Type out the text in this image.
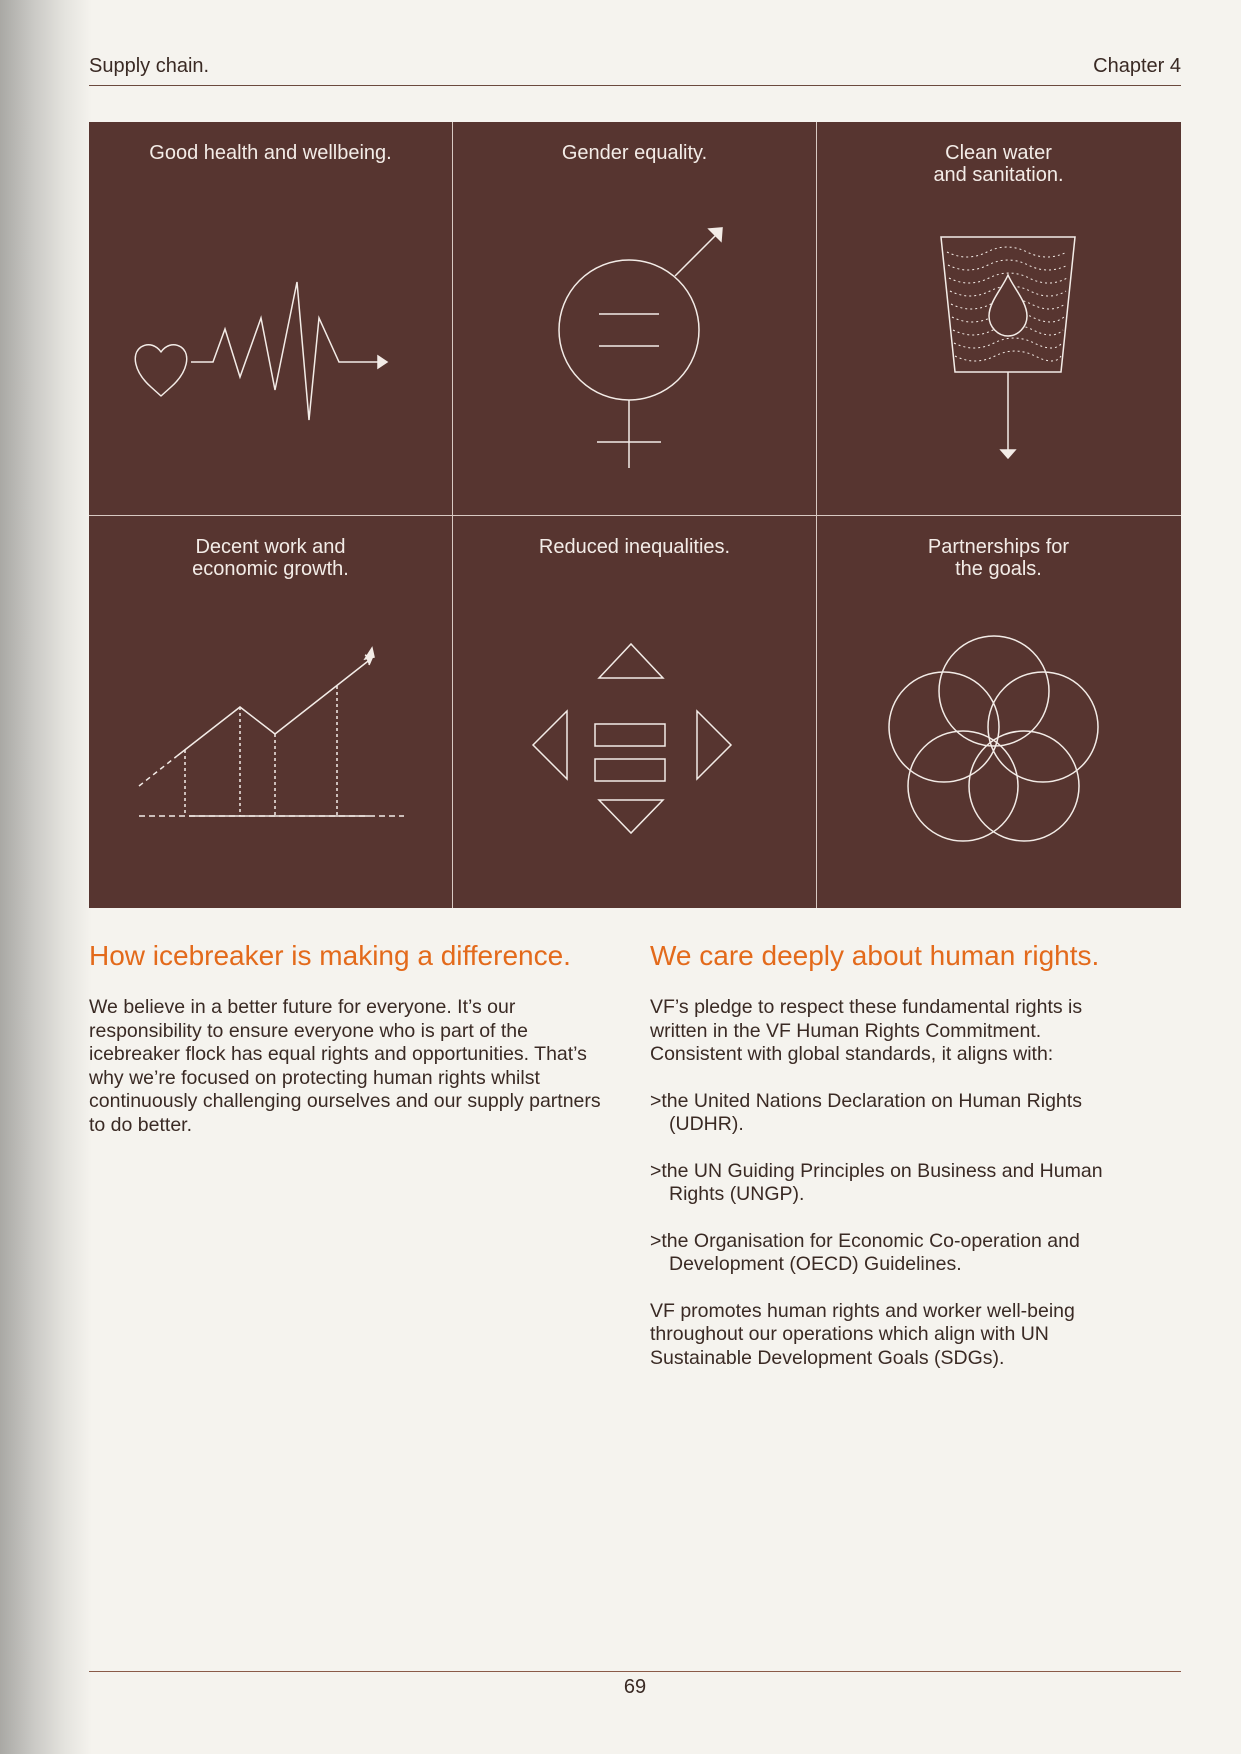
Supply chain.	Chapter 4
Good health and wellbeing.	Gender equality.	Clean water
and sanitation.
Decent work and
economic growth.
Reduced inequalities.	Partnerships for
the goals.
How icebreaker is making a difference.

We believe in a better future for everyone. It’s our responsibility to ensure everyone who is part of the icebreaker flock has equal rights and opportunities. That’s why we’re focused on protecting human rights whilst continuously challenging ourselves and our supply partners to do better.

We care deeply about human rights.

VF’s pledge to respect these fundamental rights is written in the VF Human Rights Commitment. Consistent with global standards, it aligns with:

>the United Nations Declaration on Human Rights (UDHR).

>the UN Guiding Principles on Business and Human Rights (UNGP).

>the Organisation for Economic Co-operation and Development (OECD) Guidelines.

VF promotes human rights and worker well-being throughout our operations which align with UN Sustainable Development Goals (SDGs).

69
